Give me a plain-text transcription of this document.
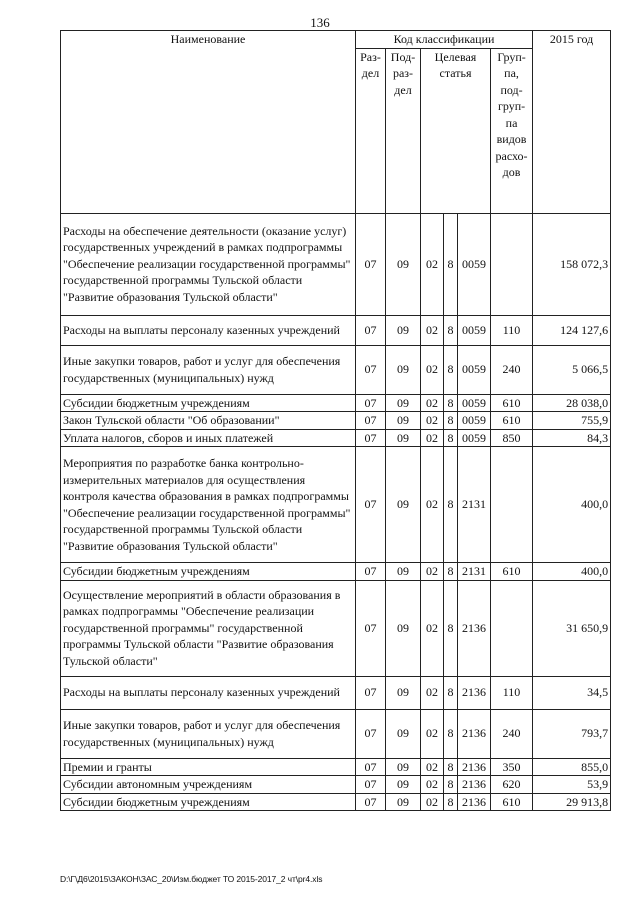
136
Наименование	Код классификации						2015 год
	Раз- дел	Под- раз- дел	Целевая статья			Груп- па, под- груп- па видов расхо- дов	
Расходы на обеспечение деятельности (оказание услуг) государственных учреждений в рамках подпрограммы "Обеспечение реализации государственной программы" государственной программы Тульской области "Развитие образования Тульской области"	07	09	02	8	0059		158 072,3
Расходы на выплаты персоналу казенных учреждений	07	09	02	8	0059	110	124 127,6
Иные закупки товаров, работ и услуг для обеспечения государственных (муниципальных) нужд	07	09	02	8	0059	240	5 066,5
Субсидии бюджетным учреждениям	07	09	02	8	0059	610	28 038,0
Закон Тульской области "Об образовании"	07	09	02	8	0059	610	755,9
Уплата налогов, сборов и иных платежей	07	09	02	8	0059	850	84,3
Мероприятия по разработке банка контрольно-измерительных материалов для осуществления контроля качества образования в рамках подпрограммы "Обеспечение реализации государственной программы" государственной программы Тульской области "Развитие образования Тульской области"	07	09	02	8	2131		400,0
Субсидии бюджетным учреждениям	07	09	02	8	2131	610	400,0
Осуществление мероприятий в области образования в рамках подпрограммы "Обеспечение реализации государственной программы" государственной программы Тульской области "Развитие образования Тульской области"	07	09	02	8	2136		31 650,9
Расходы на выплаты персоналу казенных учреждений	07	09	02	8	2136	110	34,5
Иные закупки товаров, работ и услуг для обеспечения государственных (муниципальных) нужд	07	09	02	8	2136	240	793,7
Премии и гранты	07	09	02	8	2136	350	855,0
Субсидии автономным учреждениям	07	09	02	8	2136	620	53,9
Субсидии бюджетным учреждениям	07	09	02	8	2136	610	29 913,8
D:\Г\Д6\2015\ЗАКОН\ЗАС_20\Изм.бюджет ТО 2015-2017_2 чт\pr4.xls
